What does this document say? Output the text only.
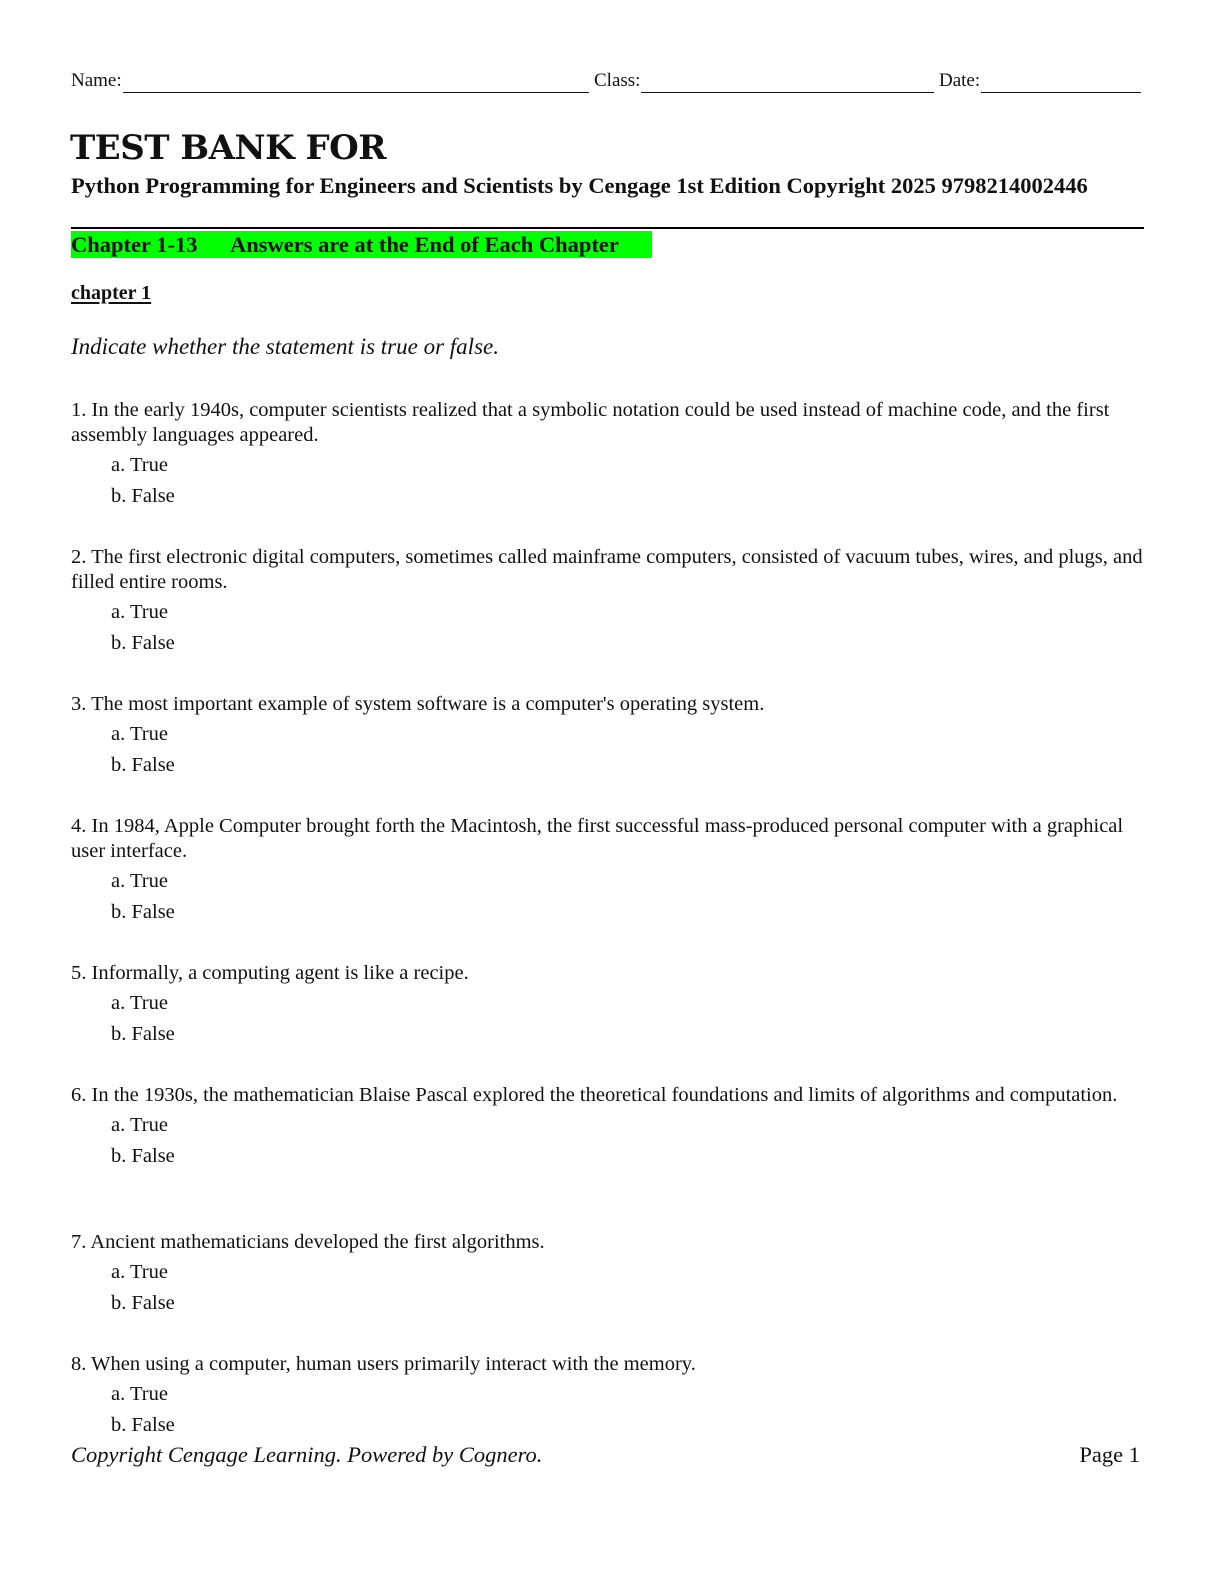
Name:	Class:	Date:
TEST BANK FOR
Python Programming for Engineers and Scientists by Cengage 1st Edition Copyright 2025 9798214002446
Chapter 1-13      Answers are at the End of Each Chapter
chapter 1
Indicate whether the statement is true or false.
1. In the early 1940s, computer scientists realized that a symbolic notation could be used instead of machine code, and the first assembly languages appeared.
a. True
b. False
2. The first electronic digital computers, sometimes called mainframe computers, consisted of vacuum tubes, wires, and plugs, and filled entire rooms.
a. True
b. False
3. The most important example of system software is a computer's operating system.
a. True
b. False
4. In 1984, Apple Computer brought forth the Macintosh, the first successful mass-produced personal computer with a graphical user interface.
a. True
b. False
5. Informally, a computing agent is like a recipe.
a. True
b. False
6. In the 1930s, the mathematician Blaise Pascal explored the theoretical foundations and limits of algorithms and computation.
a. True
b. False
7. Ancient mathematicians developed the first algorithms.
a. True
b. False
8. When using a computer, human users primarily interact with the memory.
a. True
b. False
Copyright Cengage Learning. Powered by Cognero.	Page 1
